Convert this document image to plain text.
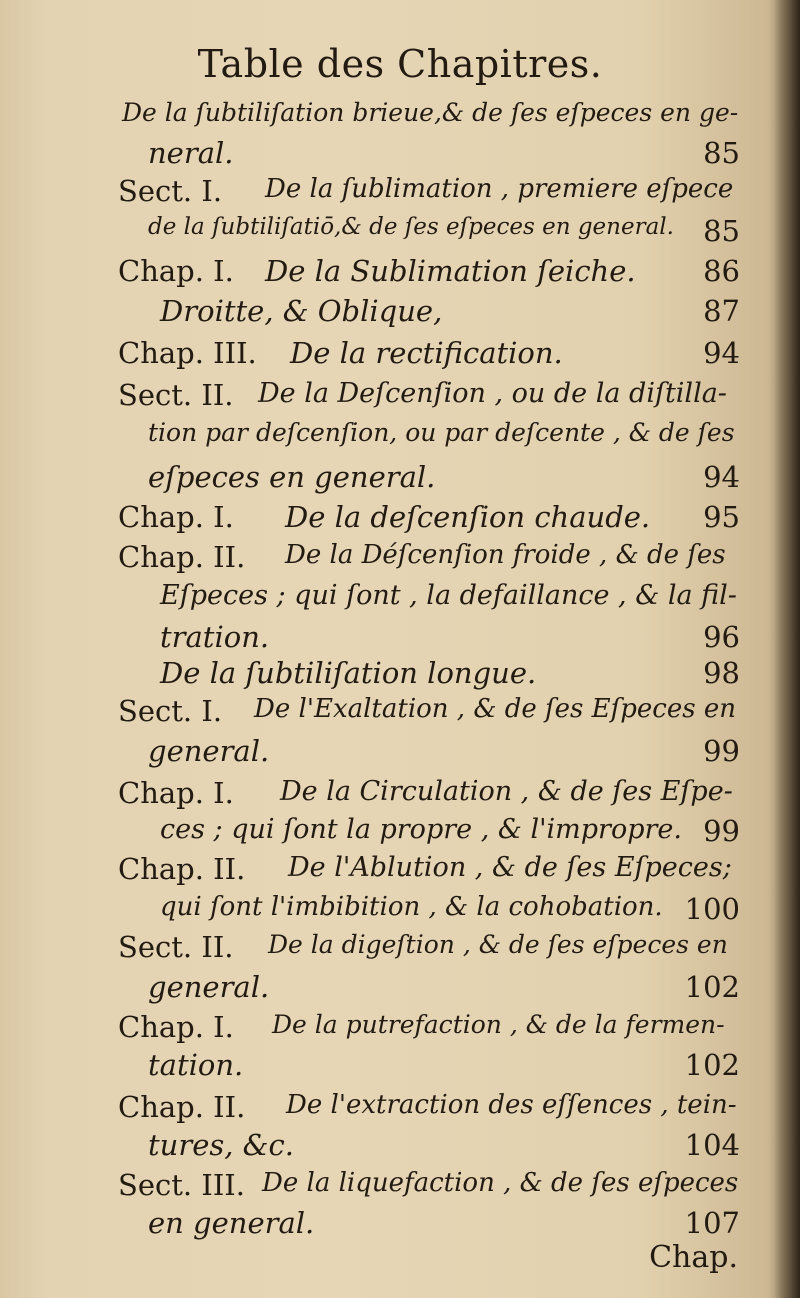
Table des Chapitres.
De la ſubtiliſation brieue,& de ſes eſpeces en ge-
neral.	85
Sect. I. De la ſublimation , premiere eſpece
de la ſubtiliſatiō,& de ſes eſpeces en general. 85
Chap. I. De la Sublimation ſeiche. 86
Droitte, & Oblique,	87
Chap. III. De la rectification.	94
Sect. II. De la Deſcenſion , ou de la diſtilla-
tion par deſcenſion, ou par deſcente , & de ſes
eſpeces en general.	94
Chap. I. De la deſcenſion chaude. 95
Chap. II. De la Déſcenſion froide , & de ſes
Eſpeces ; qui ſont , la defaillance , & la fil-
tration.	96
De la ſubtiliſation longue.	98
Sect. I. De l'Exaltation , & de ſes Eſpeces en
general.	99
Chap. I. De la Circulation , & de ſes Eſpe-
ces ; qui ſont la propre , & l'impropre. 99
Chap. II. De l'Ablution , & de ſes Eſpeces;
qui ſont l'imbibition , & la cohobation. 100
Sect. II. De la digeſtion , & de ſes eſpeces en
general.	102
Chap. I. De la putrefaction , & de la fermen-
tation.	102
Chap. II. De l'extraction des eſſences , tein-
tures, &c.	104
Sect. III. De la liquefaction , & de ſes eſpeces
en general.	107
Chap.
